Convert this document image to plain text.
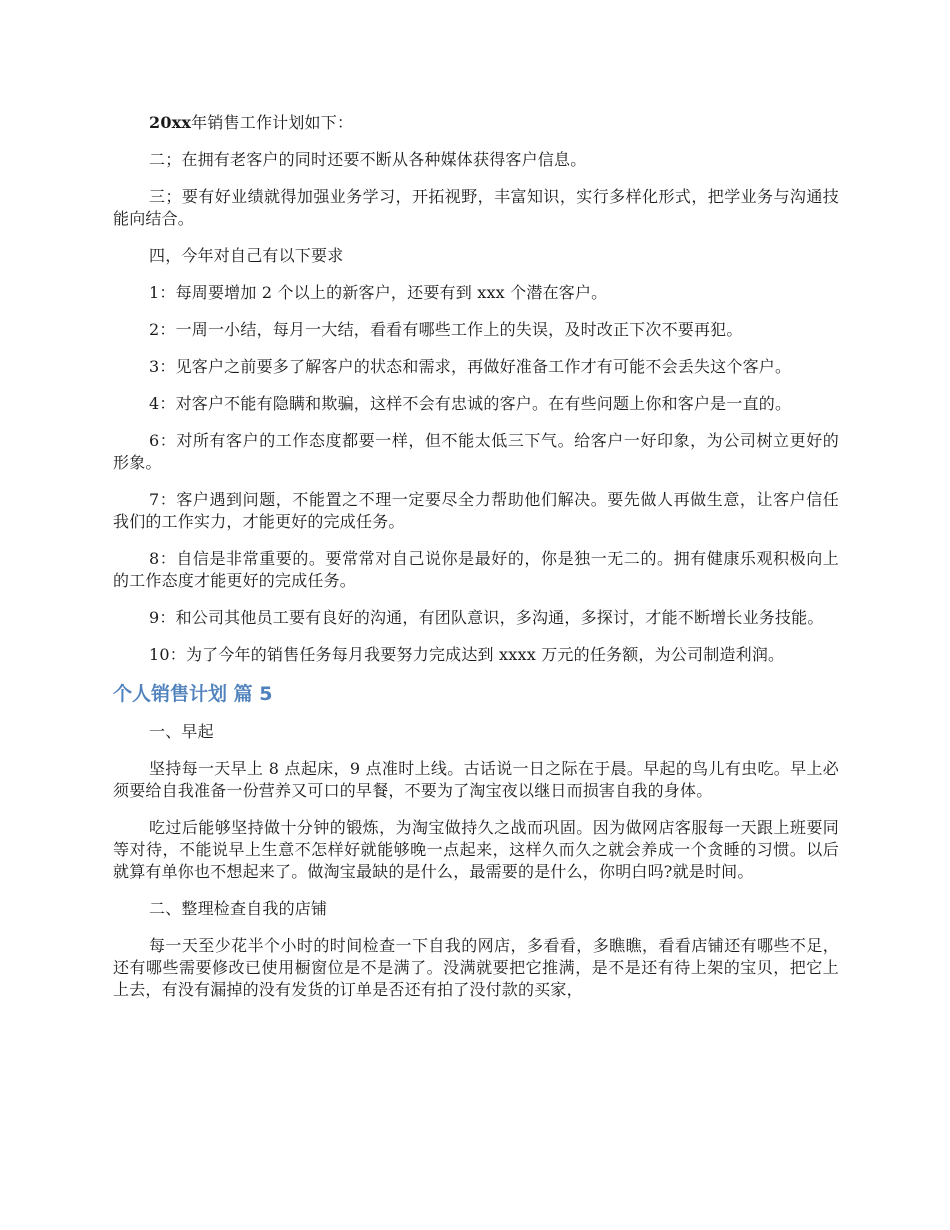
20xx年销售工作计划如下：

二；在拥有老客户的同时还要不断从各种媒体获得客户信息。

三；要有好业绩就得加强业务学习，开拓视野，丰富知识，实行多样化形式，把学业务与沟通技能向结合。

四，今年对自己有以下要求

1：每周要增加 2 个以上的新客户，还要有到 xxx 个潜在客户。

2：一周一小结，每月一大结，看看有哪些工作上的失误，及时改正下次不要再犯。

3：见客户之前要多了解客户的状态和需求，再做好准备工作才有可能不会丢失这个客户。

4：对客户不能有隐瞒和欺骗，这样不会有忠诚的客户。在有些问题上你和客户是一直的。

6：对所有客户的工作态度都要一样，但不能太低三下气。给客户一好印象，为公司树立更好的形象。

7：客户遇到问题，不能置之不理一定要尽全力帮助他们解决。要先做人再做生意，让客户信任我们的工作实力，才能更好的完成任务。

8：自信是非常重要的。要常常对自己说你是最好的，你是独一无二的。拥有健康乐观积极向上的工作态度才能更好的完成任务。

9：和公司其他员工要有良好的沟通，有团队意识，多沟通，多探讨，才能不断增长业务技能。

10：为了今年的销售任务每月我要努力完成达到 xxxx 万元的任务额，为公司制造利润。

个人销售计划 篇 5

一、早起

坚持每一天早上 8 点起床，9 点准时上线。古话说一日之际在于晨。早起的鸟儿有虫吃。早上必须要给自我准备一份营养又可口的早餐，不要为了淘宝夜以继日而损害自我的身体。

吃过后能够坚持做十分钟的锻炼，为淘宝做持久之战而巩固。因为做网店客服每一天跟上班要同等对待，不能说早上生意不怎样好就能够晚一点起来，这样久而久之就会养成一个贪睡的习惯。以后就算有单你也不想起来了。做淘宝最缺的是什么，最需要的是什么，你明白吗?就是时间。

二、整理检查自我的店铺

每一天至少花半个小时的时间检查一下自我的网店，多看看，多瞧瞧，看看店铺还有哪些不足，还有哪些需要修改已使用橱窗位是不是满了。没满就要把它推满，是不是还有待上架的宝贝，把它上上去，有没有漏掉的没有发货的订单是否还有拍了没付款的买家，
